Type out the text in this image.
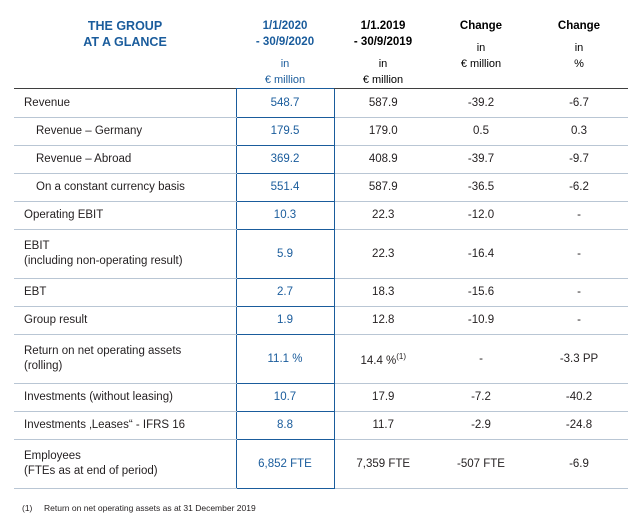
THE GROUP
AT A GLANCE

1/1/2020
- 30/9/2020
in
€ million

1/1.2019
- 30/9/2019
in
€ million

Change
in
€ million

Change
in
%

Revenue	548.7	587.9	-39.2	-6.7
Revenue – Germany	179.5	179.0	0.5	0.3
Revenue – Abroad	369.2	408.9	-39.7	-9.7
On a constant currency basis	551.4	587.9	-36.5	-6.2
Operating EBIT	10.3	22.3	-12.0	-

EBIT
(including non-operating result)	5.9	22.3	-16.4	-
EBT	2.7	18.3	-15.6	-
Group result	1.9	12.8	-10.9	-

Return on net operating assets
(rolling)	11.1 %	14.4 %$^{(1)}$	-	-3.3 PP
Investments (without leasing)	10.7	17.9	-7.2	-40.2
Investments ‚Leases“ - IFRS 16	8.8	11.7	-2.9	-24.8

Employees
(FTEs as at end of period)	6,852 FTE	7,359 FTE	-507 FTE	-6.9
(1) Return on net operating assets as at 31 December 2019
